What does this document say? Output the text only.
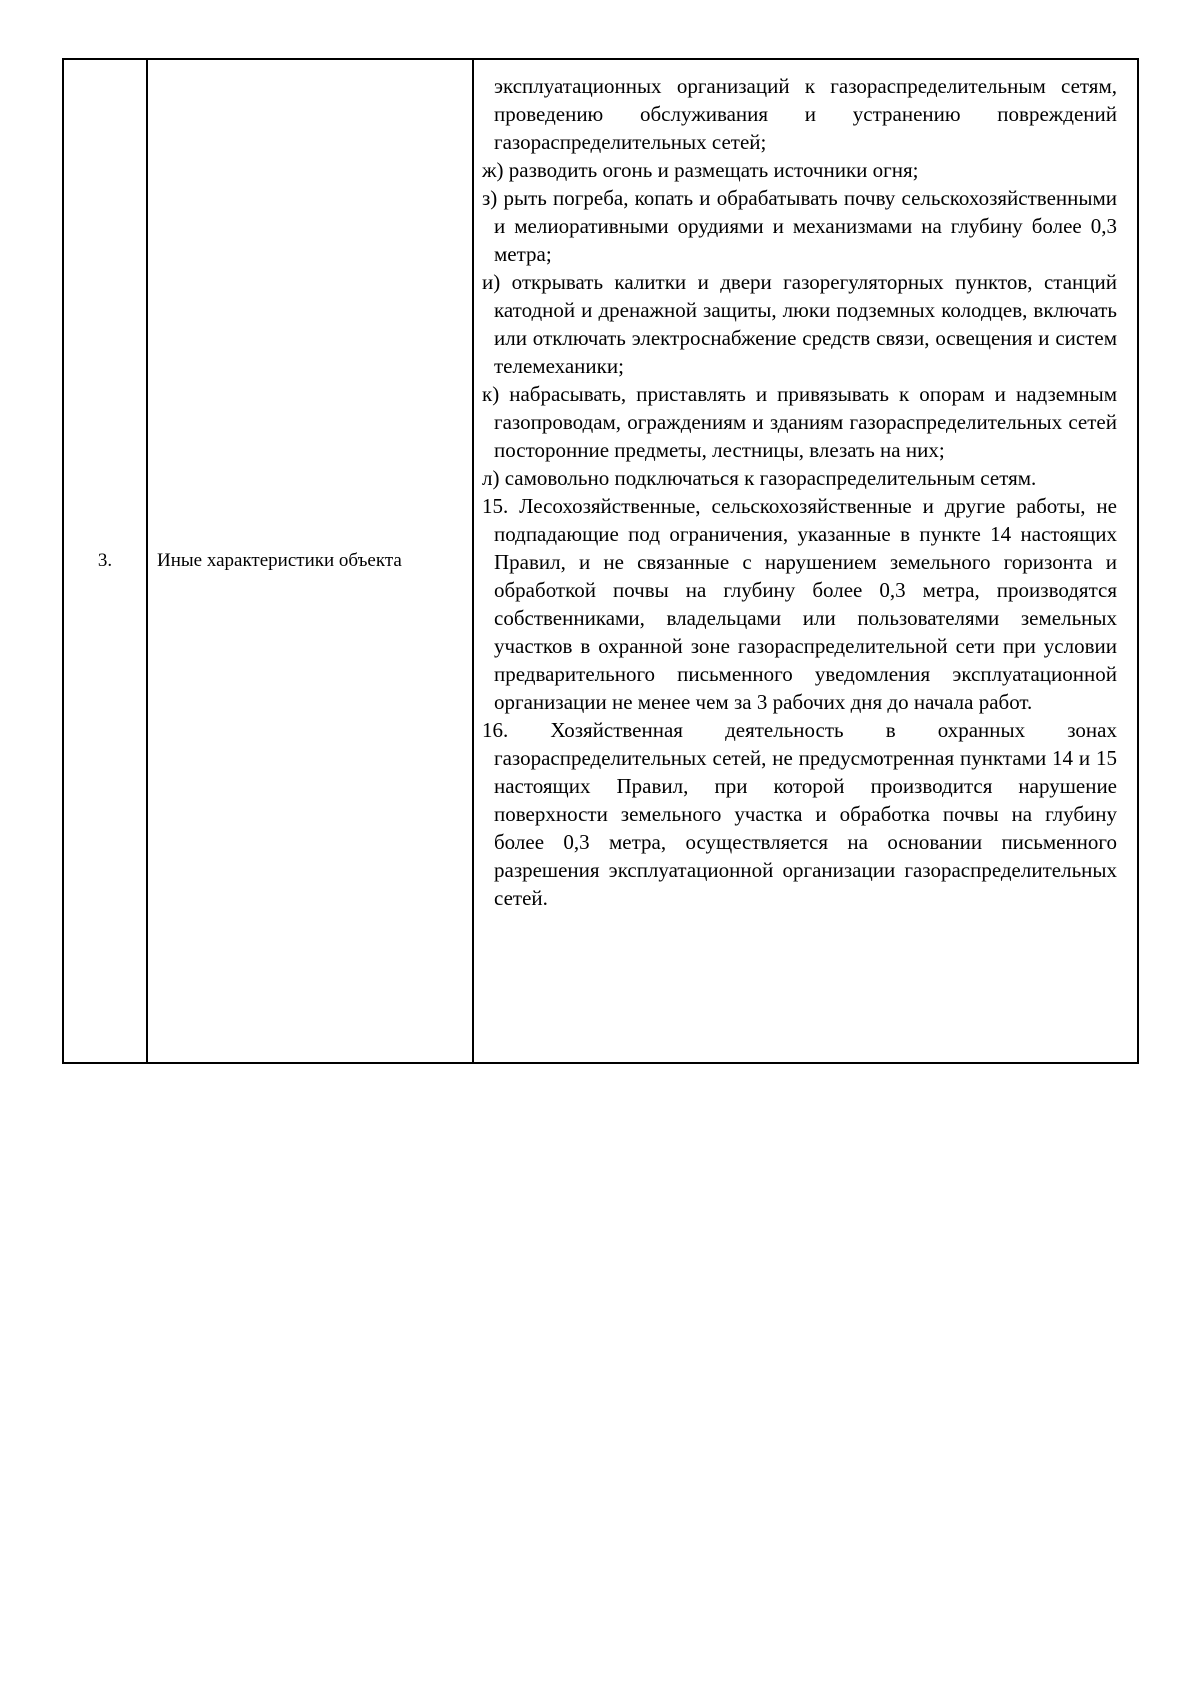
3.	Иные характеристики объекта	

эксплуатационных организаций к газораспределительным сетям, проведению обслуживания и устранению повреждений газораспределительных сетей;

ж) разводить огонь и размещать источники огня;

з) рыть погреба, копать и обрабатывать почву сельскохозяйственными и мелиоративными орудиями и механизмами на глубину более 0,3 метра;

и) открывать калитки и двери газорегуляторных пунктов, станций катодной и дренажной защиты, люки подземных колодцев, включать или отключать электроснабжение средств связи, освещения и систем телемеханики;

к) набрасывать, приставлять и привязывать к опорам и надземным газопроводам, ограждениям и зданиям газораспределительных сетей посторонние предметы, лестницы, влезать на них;

л) самовольно подключаться к газораспределительным сетям.

15. Лесохозяйственные, сельскохозяйственные и другие работы, не подпадающие под ограничения, указанные в пункте 14 настоящих Правил, и не связанные с нарушением земельного горизонта и обработкой почвы на глубину более 0,3 метра, производятся собственниками, владельцами или пользователями земельных участков в охранной зоне газораспределительной сети при условии предварительного письменного уведомления эксплуатационной организации не менее чем за 3 рабочих дня до начала работ.

16. Хозяйственная деятельность в охранных зонах газораспределительных сетей, не предусмотренная пунктами 14 и 15 настоящих Правил, при которой производится нарушение поверхности земельного участка и обработка почвы на глубину более 0,3 метра, осуществляется на основании письменного разрешения эксплуатационной организации газораспределительных сетей.
